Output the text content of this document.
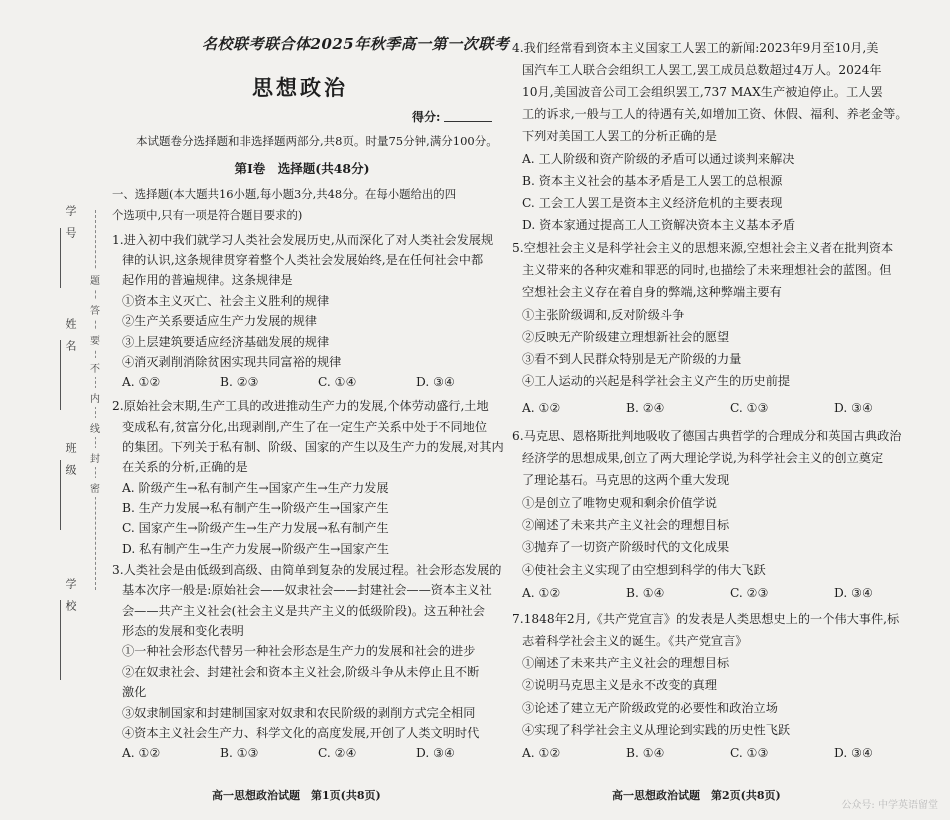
学　号
姓　名
班　级
学　校
题
答
要
不
内
线
封
密
名校联考联合体2025年秋季高一第一次联考
思想政治
得分:
本试题卷分选择题和非选择题两部分,共8页。时量75分钟,满分100分。
第Ⅰ卷　选择题(共48分)
一、选择题(本大题共16小题,每小题3分,共48分。在每小题给出的四
个选项中,只有一项是符合题目要求的)
1.进入初中我们就学习人类社会发展历史,从而深化了对人类社会发展规
律的认识,这条规律贯穿着整个人类社会发展始终,是在任何社会中都
起作用的普遍规律。这条规律是
①资本主义灭亡、社会主义胜利的规律
②生产关系要适应生产力发展的规律
③上层建筑要适应经济基础发展的规律
④消灭剥削消除贫困实现共同富裕的规律
A. ①②	B. ②③	C. ①④	D. ③④
2.原始社会末期,生产工具的改进推动生产力的发展,个体劳动盛行,土地
变成私有,贫富分化,出现剥削,产生了在一定生产关系中处于不同地位
的集团。下列关于私有制、阶级、国家的产生以及生产力的发展,对其内
在关系的分析,正确的是
A. 阶级产生→私有制产生→国家产生→生产力发展
B. 生产力发展→私有制产生→阶级产生→国家产生
C. 国家产生→阶级产生→生产力发展→私有制产生
D. 私有制产生→生产力发展→阶级产生→国家产生
3.人类社会是由低级到高级、由简单到复杂的发展过程。社会形态发展的
基本次序一般是:原始社会——奴隶社会——封建社会——资本主义社
会——共产主义社会(社会主义是共产主义的低级阶段)。这五种社会
形态的发展和变化表明
①一种社会形态代替另一种社会形态是生产力的发展和社会的进步
②在奴隶社会、封建社会和资本主义社会,阶级斗争从未停止且不断
激化
③奴隶制国家和封建制国家对奴隶和农民阶级的剥削方式完全相同
④资本主义社会生产力、科学文化的高度发展,开创了人类文明时代
A. ①②	B. ①③	C. ②④	D. ③④
高一思想政治试题　第1页(共8页)
4.我们经常看到资本主义国家工人罢工的新闻:2023年9月至10月,美
国汽车工人联合会组织工人罢工,罢工成员总数超过4万人。2024年
10月,美国波音公司工会组织罢工,737 MAX生产被迫停止。工人罢
工的诉求,一般与工人的待遇有关,如增加工资、休假、福利、养老金等。
下列对美国工人罢工的分析正确的是
A. 工人阶级和资产阶级的矛盾可以通过谈判来解决
B. 资本主义社会的基本矛盾是工人罢工的总根源
C. 工会工人罢工是资本主义经济危机的主要表现
D. 资本家通过提高工人工资解决资本主义基本矛盾
5.空想社会主义是科学社会主义的思想来源,空想社会主义者在批判资本
主义带来的各种灾难和罪恶的同时,也描绘了未来理想社会的蓝图。但
空想社会主义存在着自身的弊端,这种弊端主要有
①主张阶级调和,反对阶级斗争
②反映无产阶级建立理想新社会的愿望
③看不到人民群众特别是无产阶级的力量
④工人运动的兴起是科学社会主义产生的历史前提
A. ①②	B. ②④	C. ①③	D. ③④
6.马克思、恩格斯批判地吸收了德国古典哲学的合理成分和英国古典政治
经济学的思想成果,创立了两大理论学说,为科学社会主义的创立奠定
了理论基石。马克思的这两个重大发现
①是创立了唯物史观和剩余价值学说
②阐述了未来共产主义社会的理想目标
③抛弃了一切资产阶级时代的文化成果
④使社会主义实现了由空想到科学的伟大飞跃
A. ①②	B. ①④	C. ②③	D. ③④
7.1848年2月,《共产党宣言》的发表是人类思想史上的一个伟大事件,标
志着科学社会主义的诞生。《共产党宣言》
①阐述了未来共产主义社会的理想目标
②说明马克思主义是永不改变的真理
③论述了建立无产阶级政党的必要性和政治立场
④实现了科学社会主义从理论到实践的历史性飞跃
A. ①②	B. ①④	C. ①③	D. ③④
高一思想政治试题　第2页(共8页)
公众号: 中学英语留堂
